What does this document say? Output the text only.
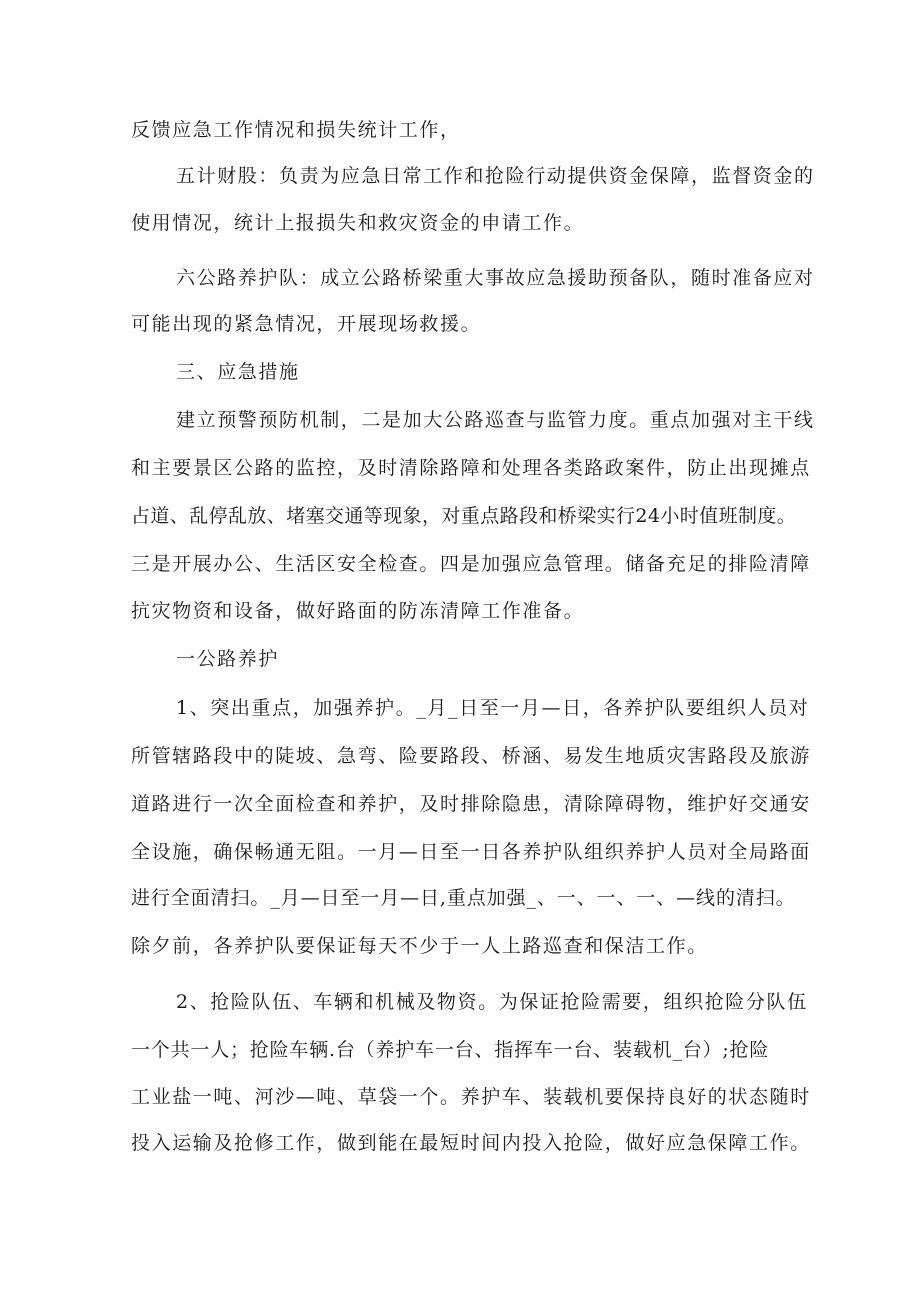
反馈应急工作情况和损失统计工作，
五计财股：负责为应急日常工作和抢险行动提供资金保障，监督资金的
使用情况，统计上报损失和救灾资金的申请工作。
六公路养护队：成立公路桥梁重大事故应急援助预备队，随时准备应对
可能出现的紧急情况，开展现场救援。
三、应急措施
建立预警预防机制，二是加大公路巡查与监管力度。重点加强对主干线
和主要景区公路的监控，及时清除路障和处理各类路政案件，防止出现摊点
占道、乱停乱放、堵塞交通等现象，对重点路段和桥梁实行24小时值班制度。
三是开展办公、生活区安全检查。四是加强应急管理。储备充足的排险清障
抗灾物资和设备，做好路面的防冻清障工作准备。
一公路养护
1、突出重点，加强养护。_月_日至一月—日，各养护队要组织人员对
所管辖路段中的陡坡、急弯、险要路段、桥涵、易发生地质灾害路段及旅游
道路进行一次全面检查和养护，及时排除隐患，清除障碍物，维护好交通安
全设施，确保畅通无阻。一月—日至一日各养护队组织养护人员对全局路面
进行全面清扫。_月—日至一月—日,重点加强_、一、一、一、—线的清扫。
除夕前，各养护队要保证每天不少于一人上路巡查和保洁工作。
2、抢险队伍、车辆和机械及物资。为保证抢险需要，组织抢险分队伍
一个共一人；抢险车辆.台（养护车一台、指挥车一台、装载机_台）;抢险
工业盐一吨、河沙—吨、草袋一个。养护车、装载机要保持良好的状态随时
投入运输及抢修工作，做到能在最短时间内投入抢险，做好应急保障工作。
